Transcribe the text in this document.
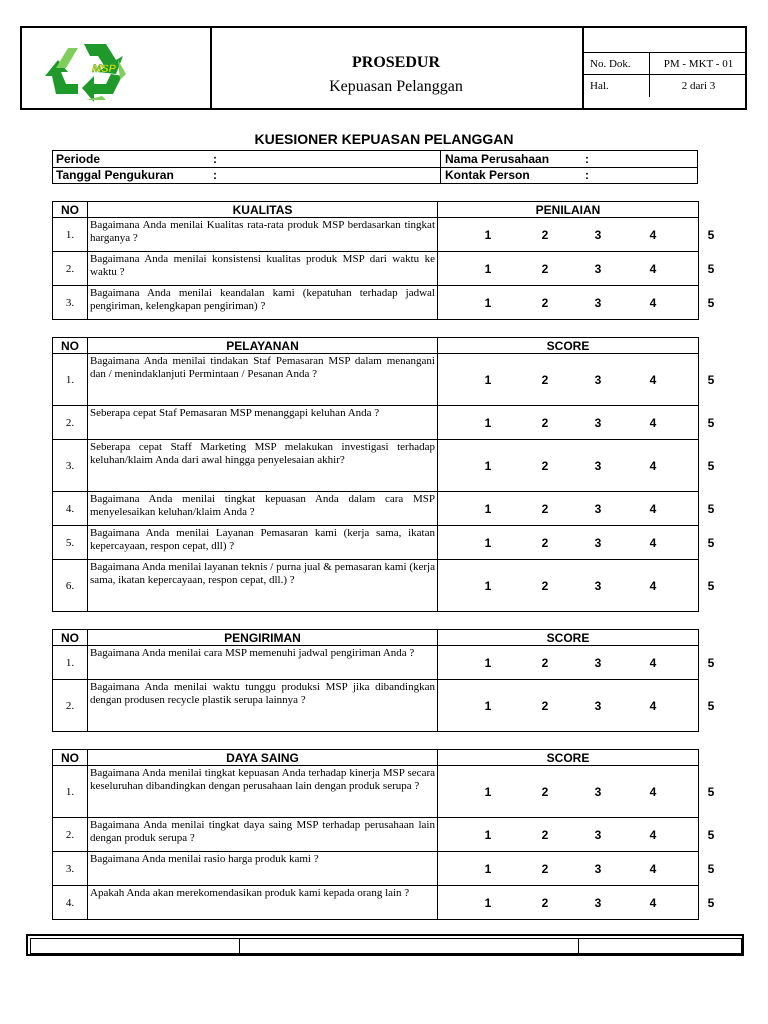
MSP	PROSEDUR
Kepuasan Pelanggan
No. Dok.	PM - MKT - 01
Hal.	2 dari 3
KUESIONER KEPUASAN PELANGGAN
Periode	:	Nama Perusahaan	:
Tanggal Pengukuran	:	Kontak Person	:
NO	KUALITAS	PENILAIAN
1.	Bagaimana Anda menilai Kualitas rata-rata produk MSP berdasarkan tingkat harganya ?	1 2 3 4 5

2.	Bagaimana Anda menilai konsistensi kualitas produk MSP dari waktu ke waktu ?	1 2 3 4 5

3.	Bagaimana Anda menilai keandalan kami (kepatuhan terhadap jadwal pengiriman, kelengkapan pengiriman) ?	1 2 3 4 5
NO	PELAYANAN	SCORE
1.	Bagaimana Anda menilai tindakan Staf Pemasaran MSP dalam menangani dan / menindaklanjuti Permintaan / Pesanan Anda ?	1 2 3 4 5

2.	Seberapa cepat Staf Pemasaran MSP menanggapi keluhan Anda ?	1 2 3 4 5

3.	Seberapa cepat Staff Marketing MSP melakukan investigasi terhadap keluhan/klaim Anda dari awal hingga penyelesaian akhir?	1 2 3 4 5

4.	Bagaimana Anda menilai tingkat kepuasan Anda dalam cara MSP menyelesaikan keluhan/klaim Anda ?	1 2 3 4 5

5.	Bagaimana Anda menilai Layanan Pemasaran kami (kerja sama, ikatan kepercayaan, respon cepat, dll) ?	1 2 3 4 5

6.	Bagaimana Anda menilai layanan teknis / purna jual & pemasaran kami (kerja sama, ikatan kepercayaan, respon cepat, dll.) ?	1 2 3 4 5
NO	PENGIRIMAN	SCORE
1.	Bagaimana Anda menilai cara MSP memenuhi jadwal pengiriman Anda ?	1 2 3 4 5

2.	Bagaimana Anda menilai waktu tunggu produksi MSP jika dibandingkan dengan produsen recycle plastik serupa lainnya ?	1 2 3 4 5
NO	DAYA SAING	SCORE
1.	Bagaimana Anda menilai tingkat kepuasan Anda terhadap kinerja MSP secara keseluruhan dibandingkan dengan perusahaan lain dengan produk serupa ?	1 2 3 4 5

2.	Bagaimana Anda menilai tingkat daya saing MSP terhadap perusahaan lain dengan produk serupa ?	1 2 3 4 5

3.	Bagaimana Anda menilai rasio harga produk kami ?	1 2 3 4 5

4.	Apakah Anda akan merekomendasikan produk kami kepada orang lain ?	1 2 3 4 5
